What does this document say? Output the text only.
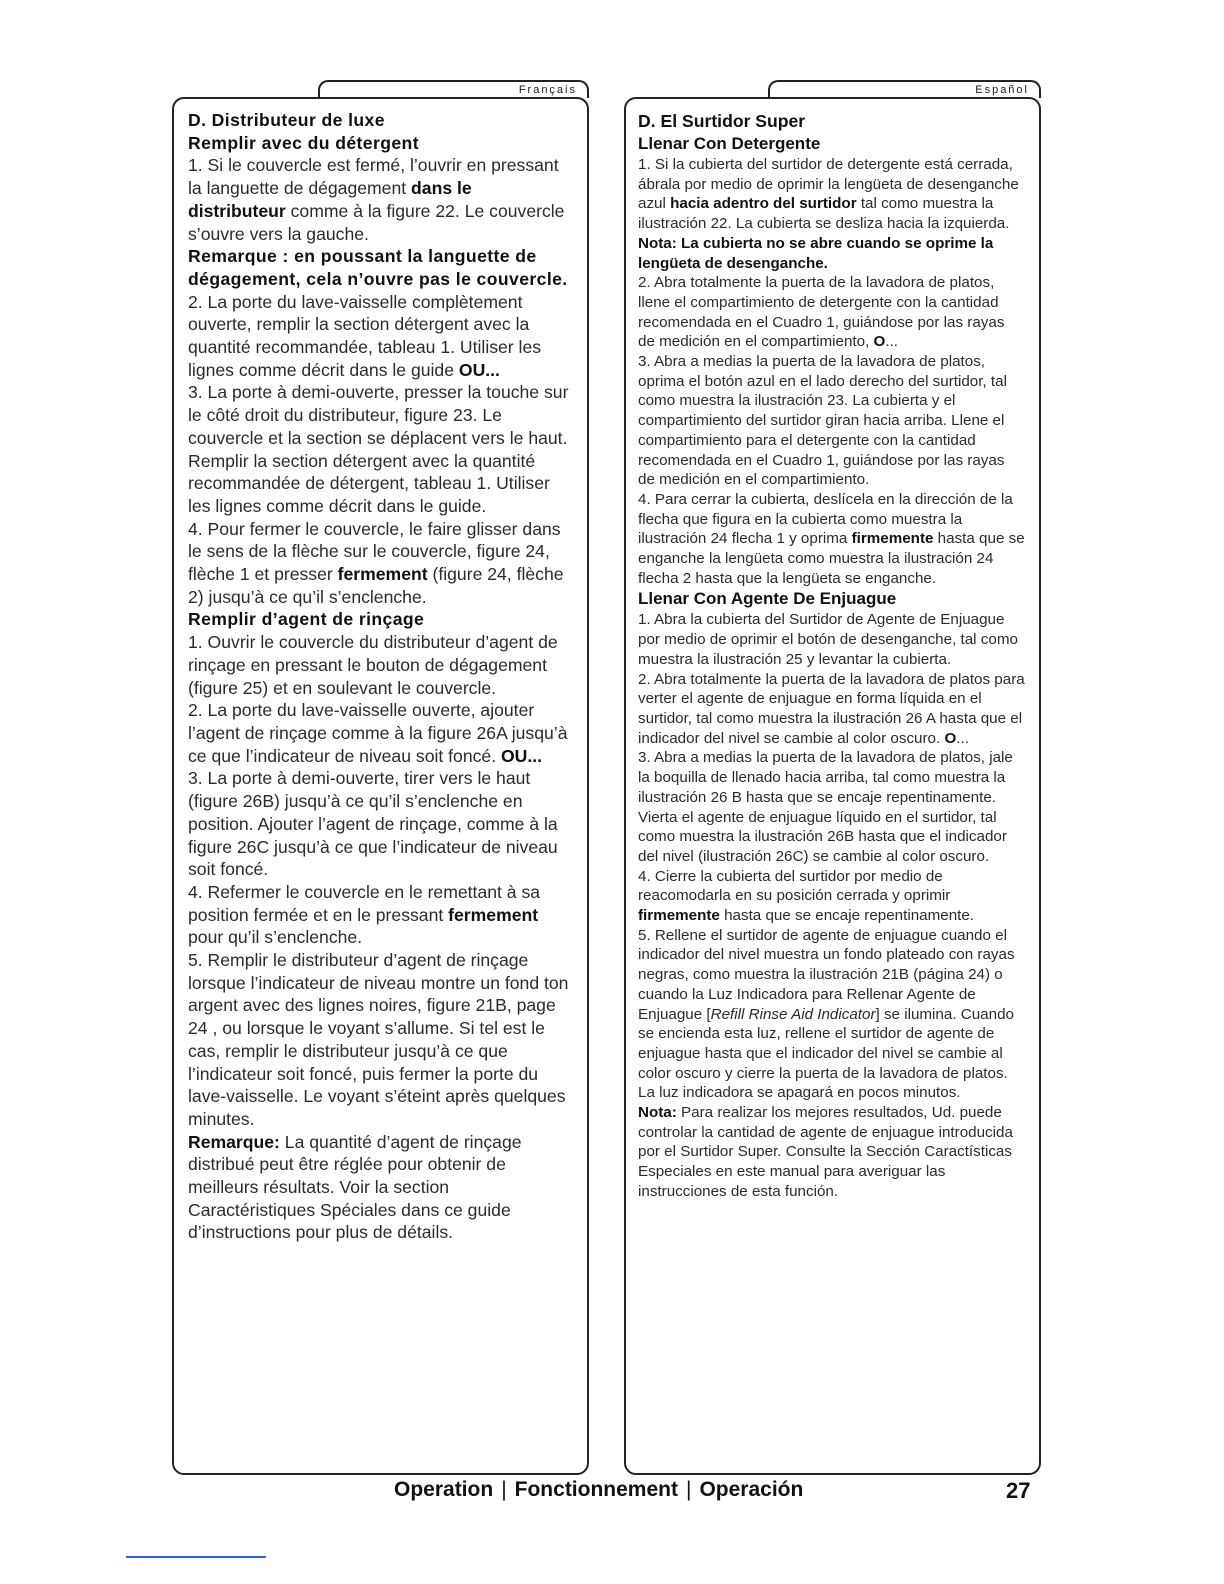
Français	Español

D. Distributeur de luxe

Remplir avec du détergent

1. Si le couvercle est fermé, l’ouvrir en pressant la languette de dégagement dans le distributeur comme à la figure 22. Le couvercle s’ouvre vers la gauche.

Remarque : en poussant la languette de dégagement, cela n’ouvre pas le couvercle.

2. La porte du lave-vaisselle complètement ouverte, remplir la section détergent avec la quantité recommandée, tableau 1. Utiliser les lignes comme décrit dans le guide OU...

3. La porte à demi-ouverte, presser la touche sur le côté droit du distributeur, figure 23. Le couvercle et la section se déplacent vers le haut. Remplir la section détergent avec la quantité recommandée de détergent, tableau 1. Utiliser les lignes comme décrit dans le guide.

4. Pour fermer le couvercle, le faire glisser dans le sens de la flèche sur le couvercle, figure 24, flèche 1 et presser fermement (figure 24, flèche 2) jusqu’à ce qu’il s’enclenche.

Remplir d’agent de rinçage

1. Ouvrir le couvercle du distributeur d’agent de rinçage en pressant le bouton de dégagement (figure 25) et en soulevant le couvercle.

2. La porte du lave-vaisselle ouverte, ajouter l’agent de rinçage comme à la figure 26A jusqu’à ce que l’indicateur de niveau soit foncé. OU...

3. La porte à demi-ouverte, tirer vers le haut (figure 26B) jusqu’à ce qu’il s’enclenche en position. Ajouter l’agent de rinçage, comme à la figure 26C jusqu’à ce que l’indicateur de niveau soit foncé.

4. Refermer le couvercle en le remettant à sa position fermée et en le pressant fermement pour qu’il s’enclenche.

5. Remplir le distributeur d’agent de rinçage lorsque l’indicateur de niveau montre un fond ton argent avec des lignes noires, figure 21B, page 24 , ou lorsque le voyant s’allume. Si tel est le cas, remplir le distributeur jusqu’à ce que l’indicateur soit foncé, puis fermer la porte du lave-vaisselle. Le voyant s’éteint après quelques minutes.

Remarque: La quantité d’agent de rinçage distribué peut être réglée pour obtenir de meilleurs résultats. Voir la section Caractéristiques Spéciales dans ce guide d’instructions pour plus de détails.

D. El Surtidor Super

Llenar Con Detergente

1. Si la cubierta del surtidor de detergente está cerrada, ábrala por medio de oprimir la lengüeta de desenganche azul hacia adentro del surtidor tal como muestra la ilustración 22. La cubierta se desliza hacia la izquierda. Nota: La cubierta no se abre cuando se oprime la lengüeta de desenganche.

2. Abra totalmente la puerta de la lavadora de platos, llene el compartimiento de detergente con la cantidad recomendada en el Cuadro 1, guiándose por las rayas de medición en el compartimiento, O...

3. Abra a medias la puerta de la lavadora de platos, oprima el botón azul en el lado derecho del surtidor, tal como muestra la ilustración 23. La cubierta y el compartimiento del surtidor giran hacia arriba. Llene el compartimiento para el detergente con la cantidad recomendada en el Cuadro 1, guiándose por las rayas de medición en el compartimiento.

4. Para cerrar la cubierta, deslícela en la dirección de la flecha que figura en la cubierta como muestra la ilustración 24 flecha 1 y oprima firmemente hasta que se enganche la lengüeta como muestra la ilustración 24 flecha 2 hasta que la lengüeta se enganche.

Llenar Con Agente De Enjuague

1. Abra la cubierta del Surtidor de Agente de Enjuague por medio de oprimir el botón de desenganche, tal como muestra la ilustración 25 y levantar la cubierta.

2. Abra totalmente la puerta de la lavadora de platos para verter el agente de enjuague en forma líquida en el surtidor, tal como muestra la ilustración 26 A hasta que el indicador del nivel se cambie al color oscuro. O...

3. Abra a medias la puerta de la lavadora de platos, jale la boquilla de llenado hacia arriba, tal como muestra la ilustración 26 B hasta que se encaje repentinamente. Vierta el agente de enjuague líquido en el surtidor, tal como muestra la ilustración 26B hasta que el indicador del nivel (ilustración 26C) se cambie al color oscuro.

4. Cierre la cubierta del surtidor por medio de reacomodarla en su posición cerrada y oprimir firmemente hasta que se encaje repentinamente.

5. Rellene el surtidor de agente de enjuague cuando el indicador del nivel muestra un fondo plateado con rayas negras, como muestra la ilustración 21B (página 24) o cuando la Luz Indicadora para Rellenar Agente de Enjuague [Refill Rinse Aid Indicator] se ilumina. Cuando se encienda esta luz, rellene el surtidor de agente de enjuague hasta que el indicador del nivel se cambie al color oscuro y cierre la puerta de la lavadora de platos. La luz indicadora se apagará en pocos minutos.

Nota: Para realizar los mejores resultados, Ud. puede controlar la cantidad de agente de enjuague introducida por el Surtidor Super. Consulte la Sección Caractísticas Especiales en este manual para averiguar las instrucciones de esta función.

Operation | Fonctionnement | Operación	27
